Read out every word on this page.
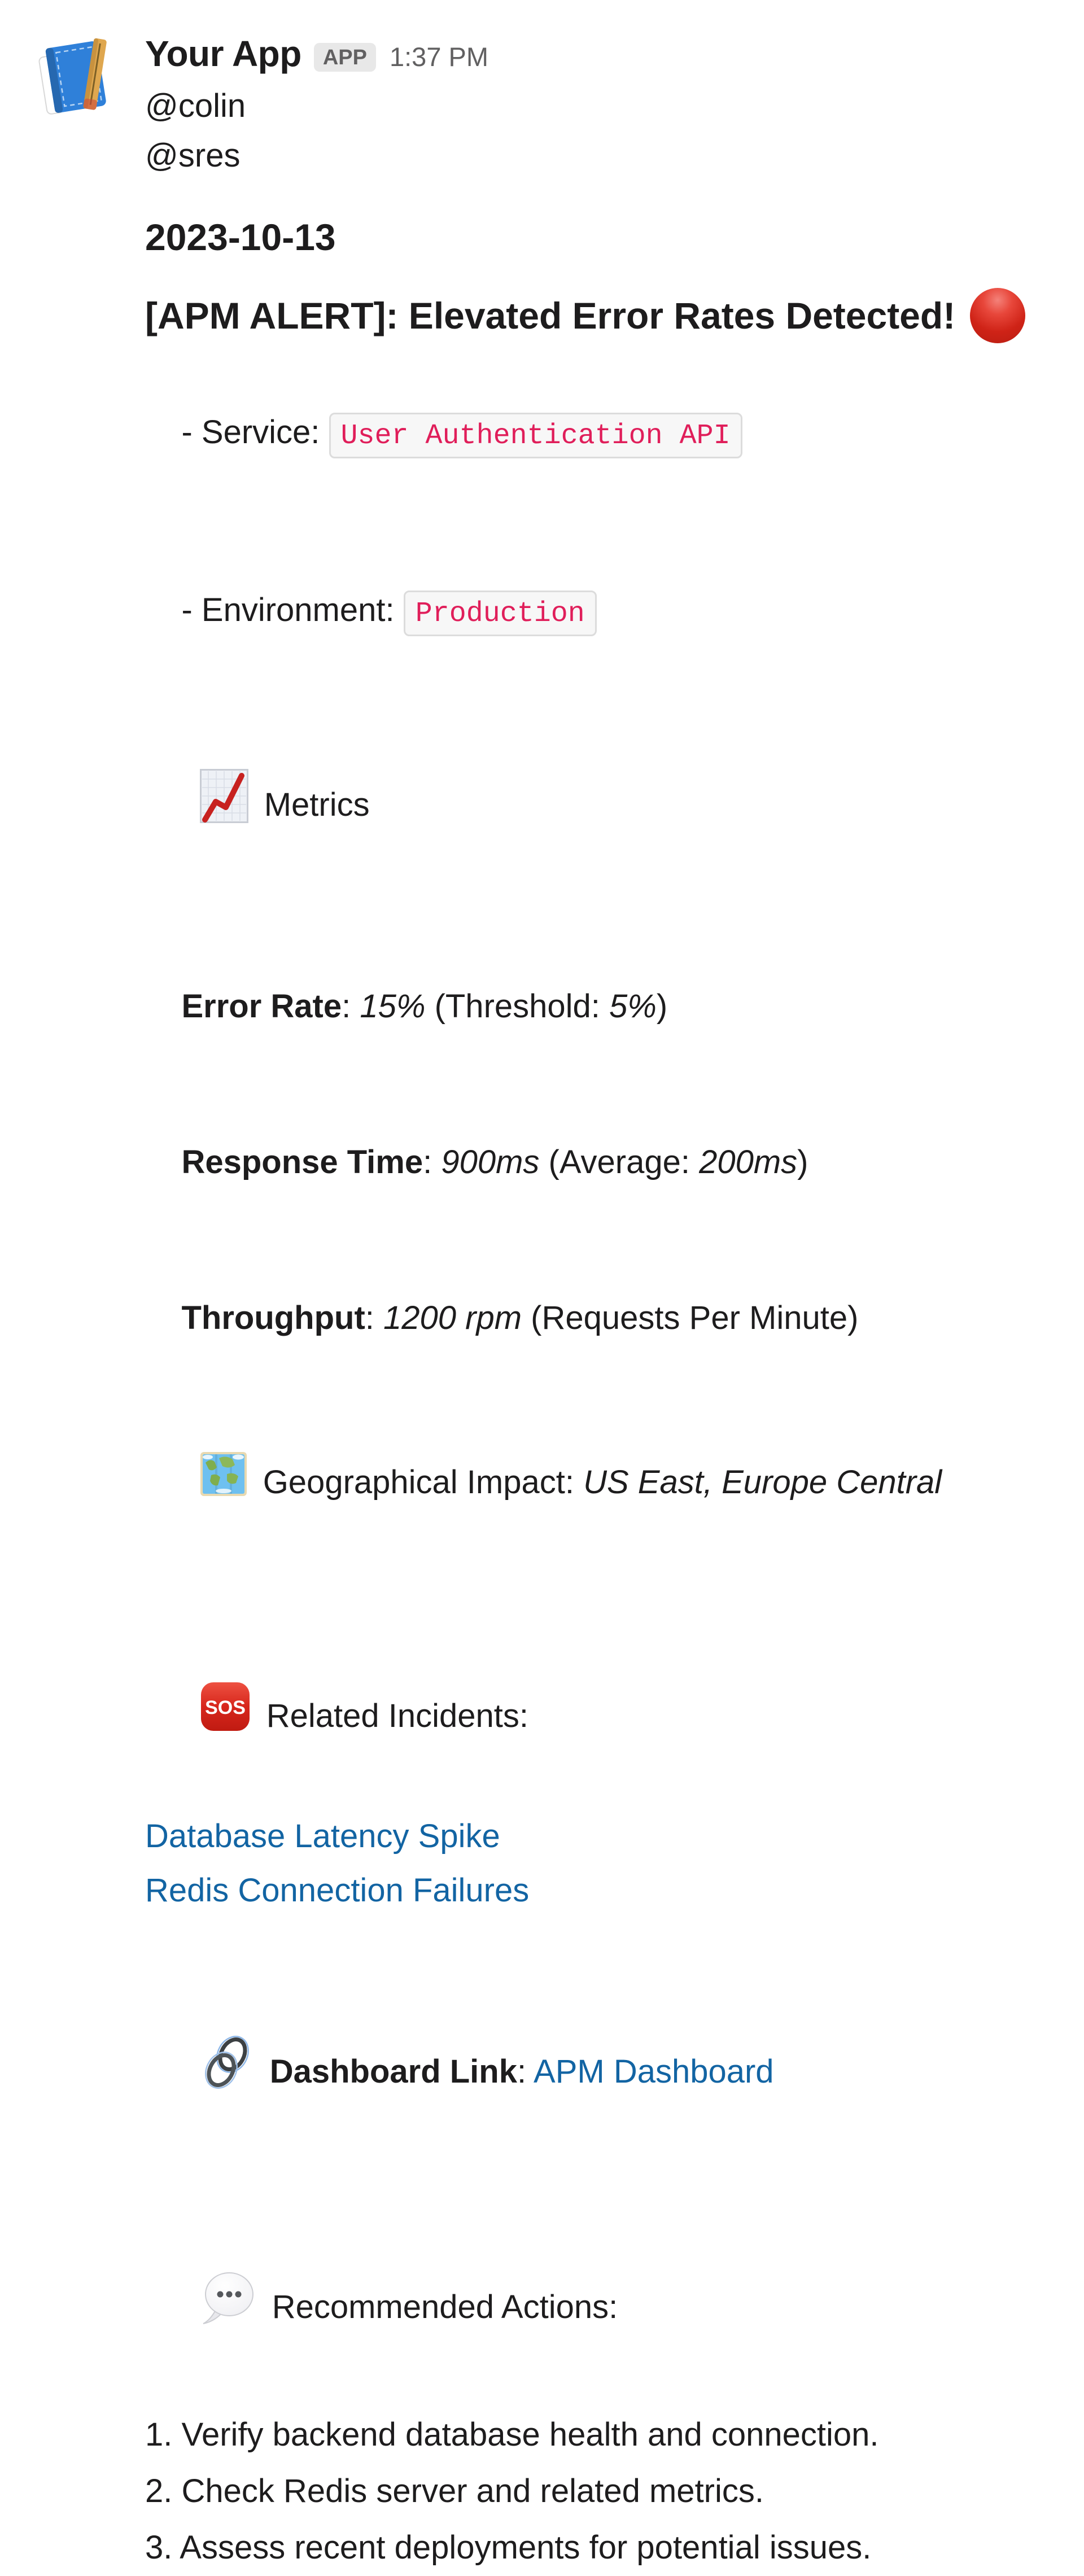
Your App	APP 1:37 PM
@colin
@sres
2023-10-13
[APM ALERT]: Elevated Error Rates Detected!

- Service: User Authentication API

- Environment: Production

Metrics

Error Rate: 15% (Threshold: 5%)

Response Time: 900ms (Average: 200ms)

Throughput: 1200 rpm (Requests Per Minute)

Geographical Impact: US East, Europe Central

SOS

Related Incidents:
Database Latency Spike
Redis Connection Failures

Dashboard Link: APM Dashboard

Recommended Actions:
1. Verify backend database health and connection.
2. Check Redis server and related metrics.
3. Assess recent deployments for potential issues.
